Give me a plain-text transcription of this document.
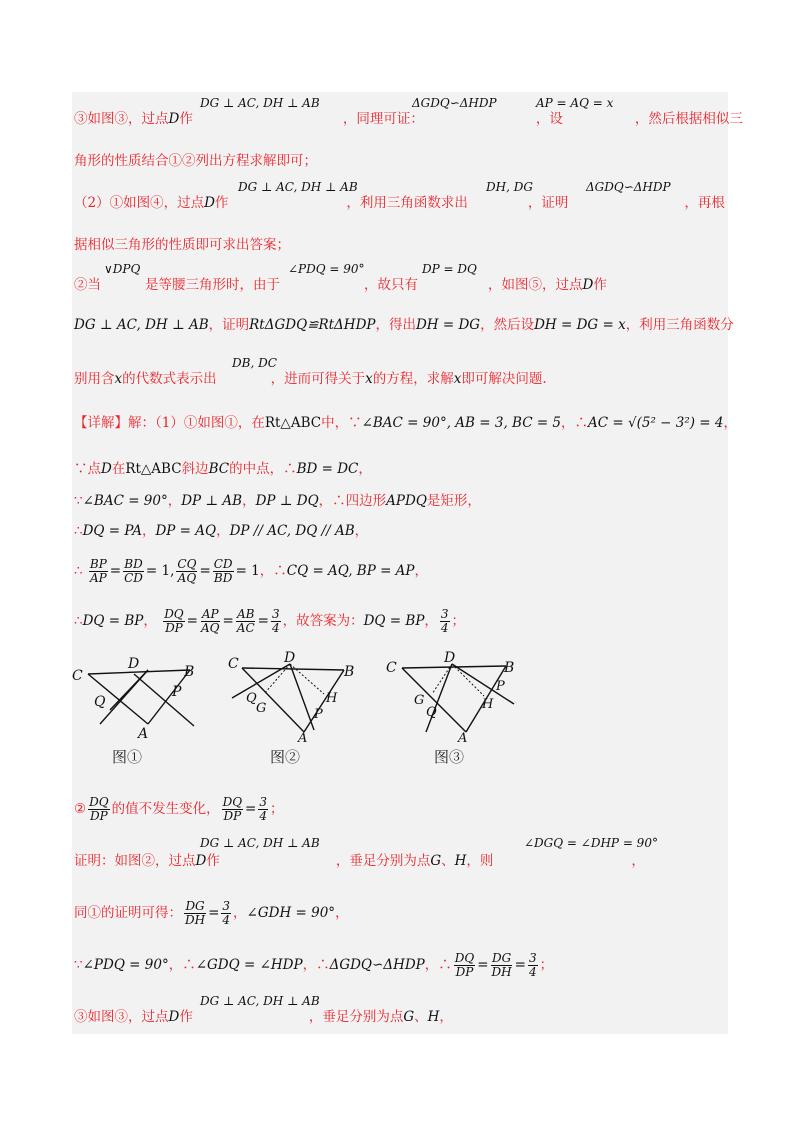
DG ⊥ AC, DH ⊥ AB	ΔGDQ∽ΔHDP	AP = AQ = x
③如图③，过点D作	，同理可证：	，设	，然后根据相似三
角形的性质结合①②列出方程求解即可；
DG ⊥ AC, DH ⊥ AB	DH, DG	ΔGDQ∽ΔHDP
（2）①如图④，过点D作	，利用三角函数求出	，证明	，再根
据相似三角形的性质即可求出答案；
∨DPQ	∠PDQ = 90°	DP = DQ
②当	是等腰三角形时，由于	，故只有	，如图⑤，过点D作
DG ⊥ AC, DH ⊥ AB，证明RtΔGDQ≌RtΔHDP，得出DH = DG，然后设DH = DG = x，利用三角函数分
DB, DC
别用含x的代数式表示出	，进而可得关于x的方程，求解x即可解决问题.
【详解】解：（1）①如图①，在Rt△ABC中，∵∠BAC = 90°, AB = 3, BC = 5，∴AC = √(5² − 3²) = 4，
∵点D在Rt△ABC斜边BC的中点，∴BD = DC，
∵∠BAC = 90°，DP ⊥ AB，DP ⊥ DQ，∴四边形APDQ是矩形，
∴DQ = PA，DP = AQ，DP // AC, DQ // AB，
∴ $\frac{BP}{AP} = \frac{BD}{CD} = 1$, $\frac{CQ}{AQ} = \frac{CD}{BD} = 1$，∴CQ = AQ, BP = AP，
∴DQ = BP， $\frac{DQ}{DP} = \frac{AP}{AQ} = \frac{AB}{AC} = \frac{3}{4}$ ，故答案为：DQ = BP， $\frac{3}{4}$ ；
C
D	B
Q
P
A
图①
C	D
B
Q
G
H
P
A
图②
C
D
B
G
Q
P
H
A
图③
② $\frac{DQ}{DP}$ 的值不发生变化， $\frac{DQ}{DP} = \frac{3}{4}$ ；
DG ⊥ AC, DH ⊥ AB	∠DGQ = ∠DHP = 90°
证明：如图②，过点D作	，垂足分别为点G、H，则	，
同①的证明可得： $\frac{DG}{DH} = \frac{3}{4}$ ，∠GDH = 90°，
∵∠PDQ = 90°，∴∠GDQ = ∠HDP，∴ΔGDQ∽ΔHDP，∴ $\frac{DQ}{DP} = \frac{DG}{DH} = \frac{3}{4}$ ；
DG ⊥ AC, DH ⊥ AB
③如图③，过点D作	，垂足分别为点G、H，
